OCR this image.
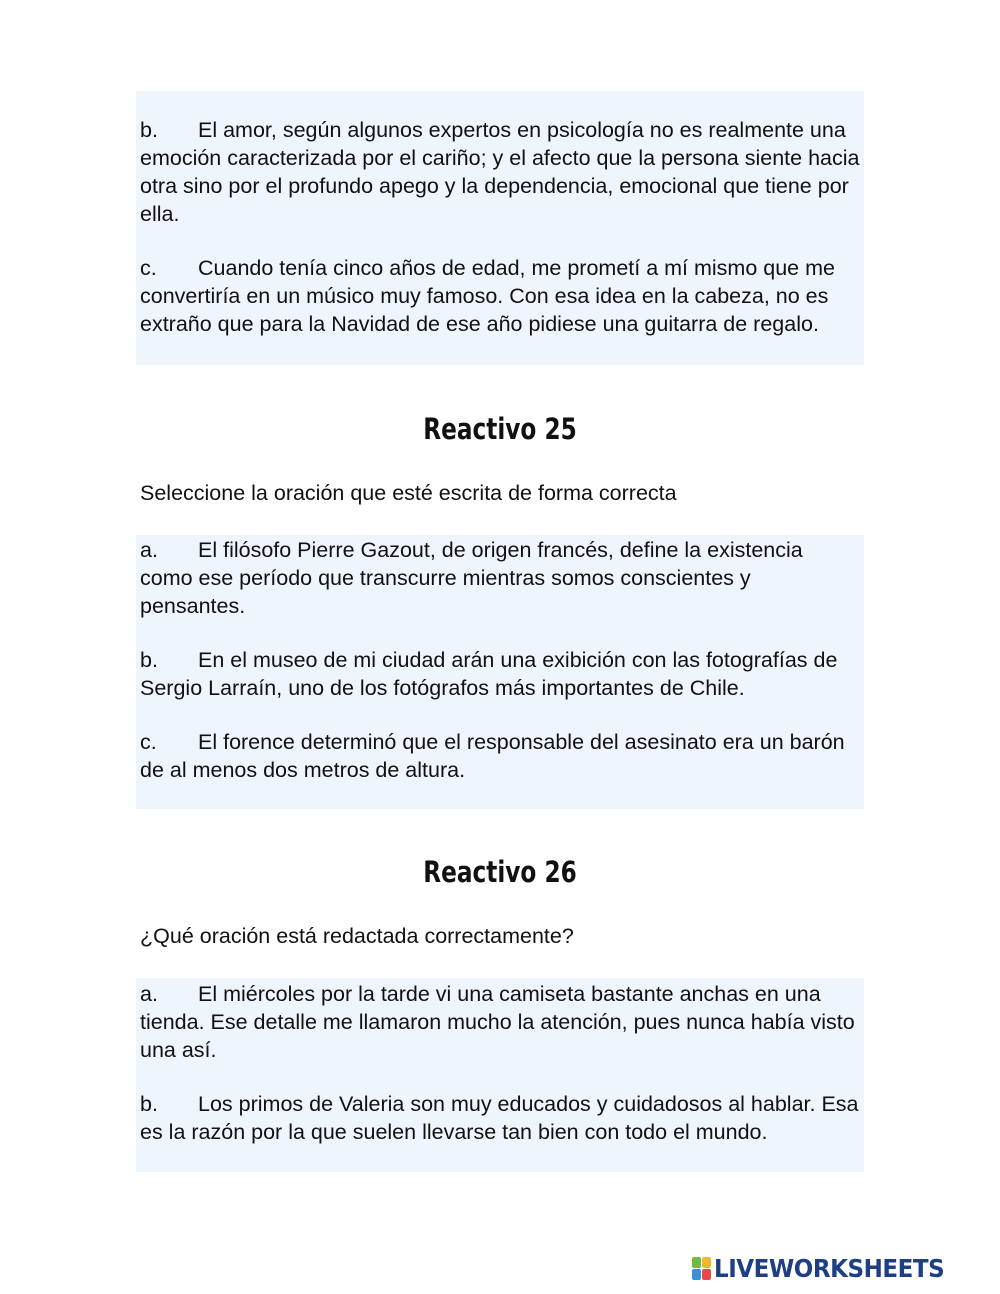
b. El amor, según algunos expertos en psicología no es realmente una emoción caracterizada por el cariño; y el afecto que la persona siente hacia otra sino por el profundo apego y la dependencia, emocional que tiene por ella.

c. Cuando tenía cinco años de edad, me prometí a mí mismo que me convertiría en un músico muy famoso. Con esa idea en la cabeza, no es extraño que para la Navidad de ese año pidiese una guitarra de regalo.

Reactivo 25

Seleccione la oración que esté escrita de forma correcta

a. El filósofo Pierre Gazout, de origen francés, define la existencia como ese período que transcurre mientras somos conscientes y pensantes.

b. En el museo de mi ciudad arán una exibición con las fotografías de Sergio Larraín, uno de los fotógrafos más importantes de Chile.

c. El forence determinó que el responsable del asesinato era un barón de al menos dos metros de altura.

Reactivo 26

¿Qué oración está redactada correctamente?

a. El miércoles por la tarde vi una camiseta bastante anchas en una tienda. Ese detalle me llamaron mucho la atención, pues nunca había visto una así.

b. Los primos de Valeria son muy educados y cuidadosos al hablar. Esa es la razón por la que suelen llevarse tan bien con todo el mundo.

LIVEWORKSHEETS
